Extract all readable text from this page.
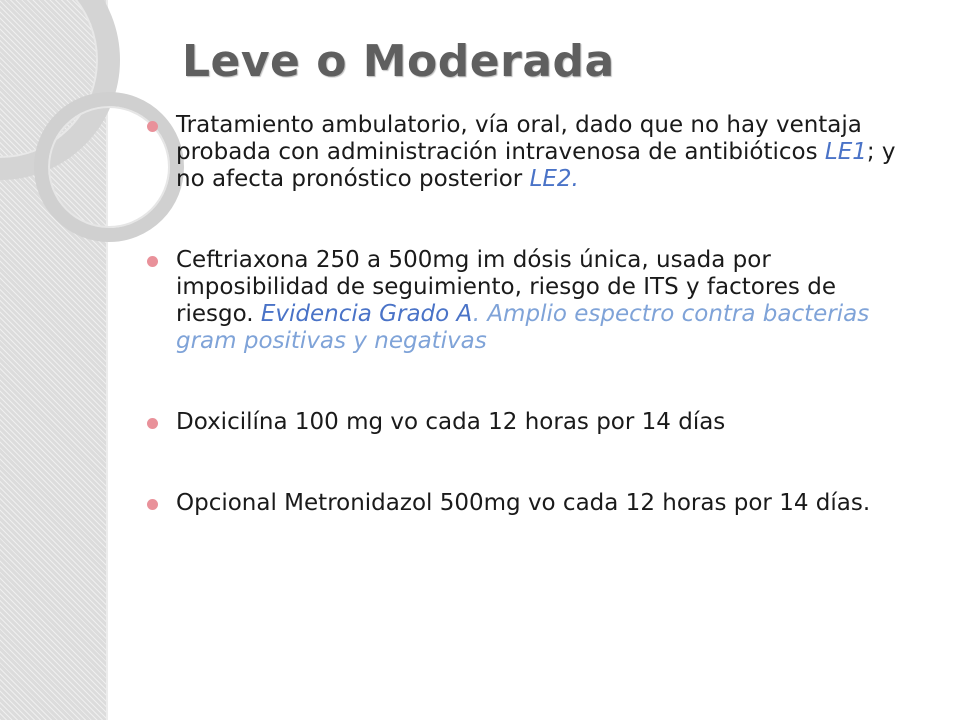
Leve o Moderada
Tratamiento ambulatorio, vía oral, dado que no hay ventaja probada con administración intravenosa de antibióticos LE1; y no afecta pronóstico posterior LE2.
Ceftriaxona 250 a 500mg im dósis única, usada por imposibilidad de seguimiento, riesgo de ITS y factores de riesgo. Evidencia Grado A. Amplio espectro contra bacterias gram positivas y negativas
Doxicilína 100 mg vo cada 12 horas por 14 días
Opcional Metronidazol 500mg vo cada 12 horas por 14 días.
